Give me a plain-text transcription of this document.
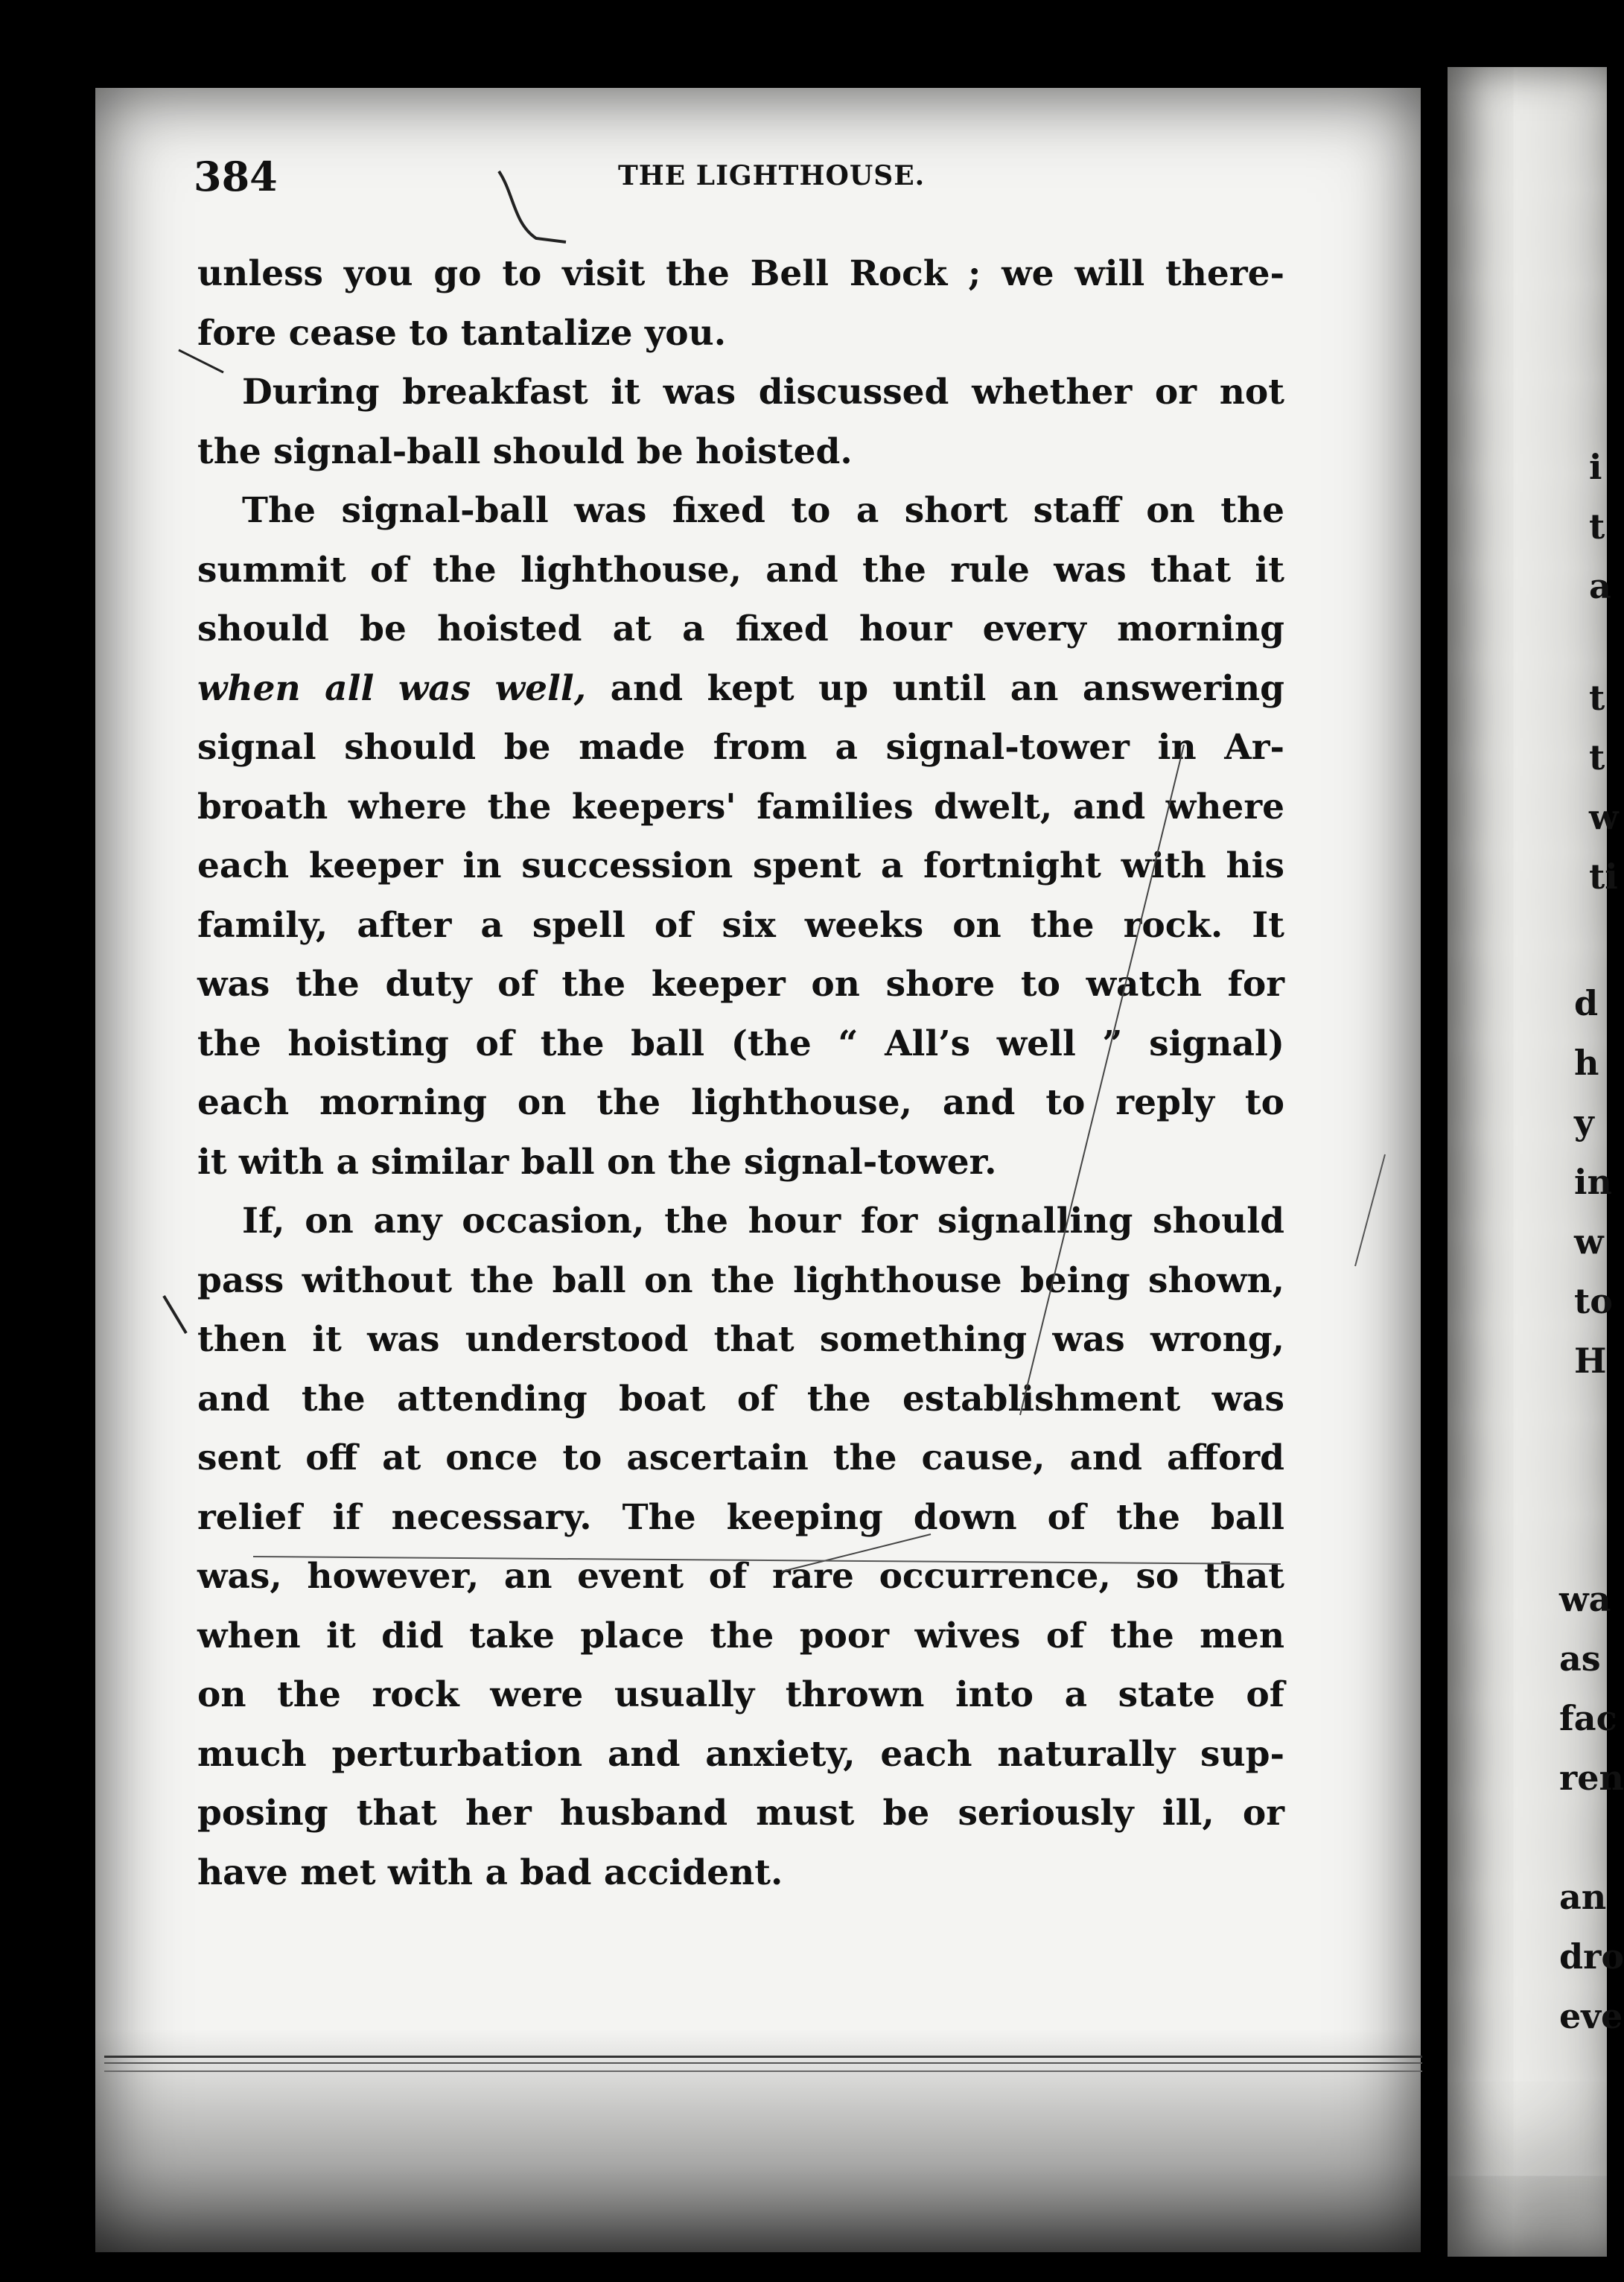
384	THE LIGHTHOUSE.
unless you go to visit the Bell Rock ; we will there-
fore cease to tantalize you.
During breakfast it was discussed whether or not
the signal-ball should be hoisted.
The signal-ball was fixed to a short staff on the
summit of the lighthouse, and the rule was that it
should be hoisted at a fixed hour every morning
when all was well, and kept up until an answering
signal should be made from a signal-tower in Ar-
broath where the keepers' families dwelt, and where
each keeper in succession spent a fortnight with his
family, after a spell of six weeks on the rock. It
was the duty of the keeper on shore to watch for
the hoisting of the ball (the “ All’s well ” signal)
each morning on the lighthouse, and to reply to
it with a similar ball on the signal-tower.
If, on any occasion, the hour for signalling should
pass without the ball on the lighthouse being shown,
then it was understood that something was wrong,
and the attending boat of the establishment was
sent off at once to ascertain the cause, and afford
relief if necessary. The keeping down of the ball
was, however, an event of rare occurrence, so that
when it did take place the poor wives of the men
on the rock were usually thrown into a state of
much perturbation and anxiety, each naturally sup-
posing that her husband must be seriously ill, or
have met with a bad accident.
i
t
a
t
t
w
ti
d
h
y
in
w
to
H
wa
as
fac
ren
an
dro
eve
